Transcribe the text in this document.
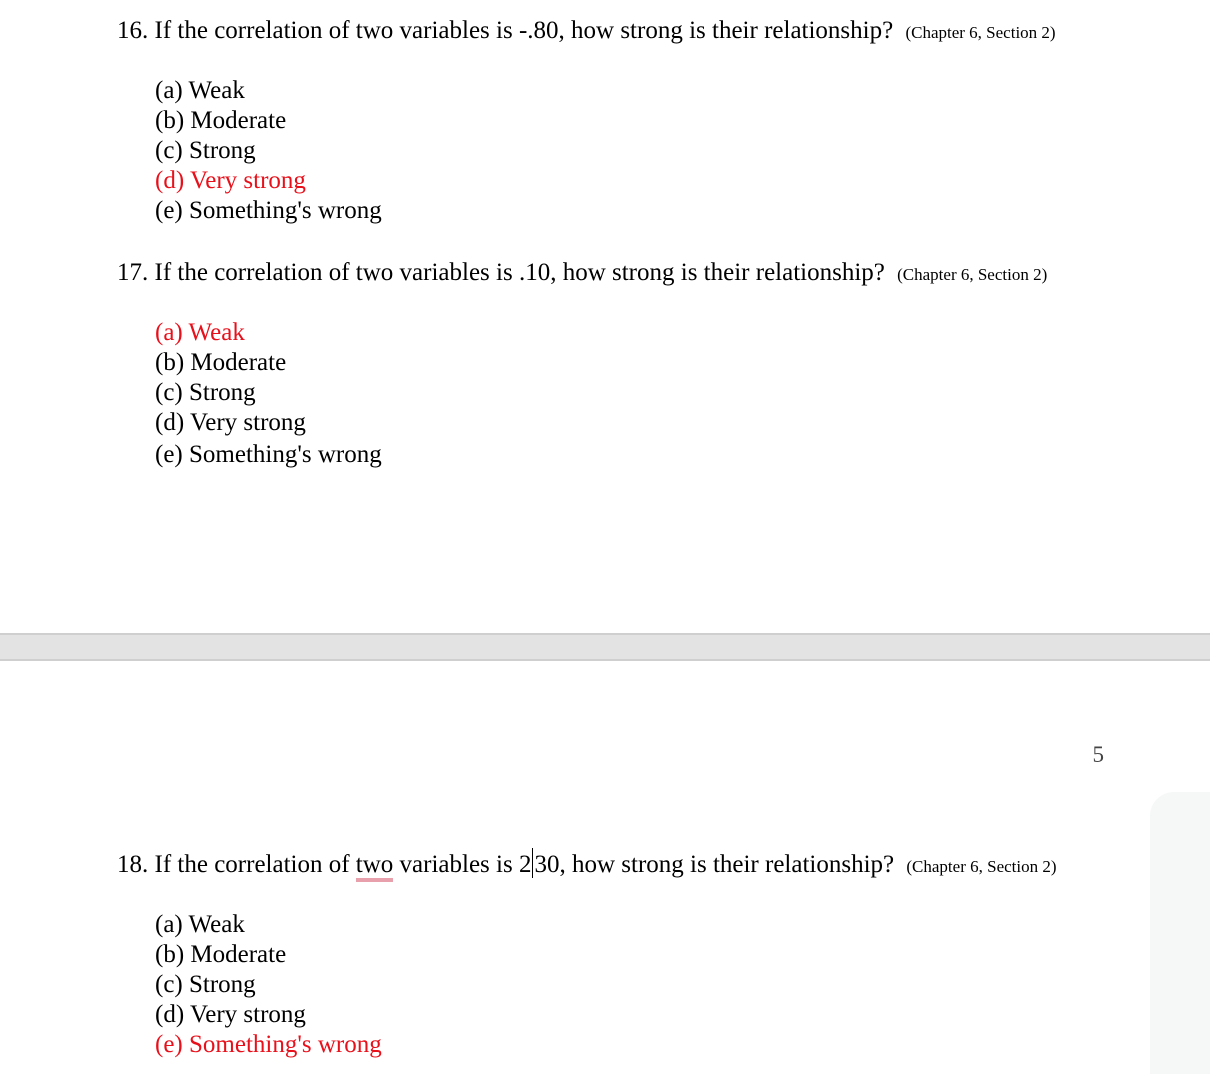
16. If the correlation of two variables is -.80, how strong is their relationship? (Chapter 6, Section 2)
(a) Weak
(b) Moderate
(c) Strong
(d) Very strong
(e) Something's wrong
17. If the correlation of two variables is .10, how strong is their relationship? (Chapter 6, Section 2)
(a) Weak
(b) Moderate
(c) Strong
(d) Very strong
(e) Something's wrong
5
18. If the correlation of two variables is 2 30, how strong is their relationship? (Chapter 6, Section 2)
(a) Weak
(b) Moderate
(c) Strong
(d) Very strong
(e) Something's wrong
